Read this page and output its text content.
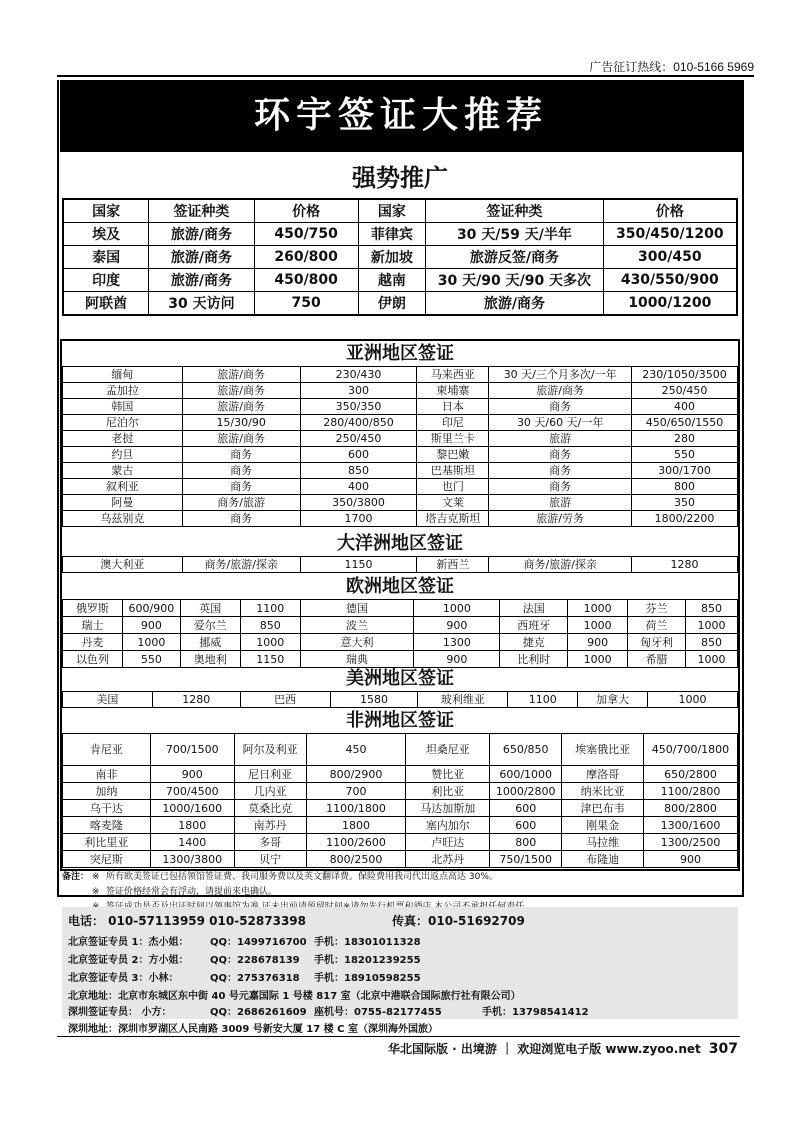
广告征订热线：010-5166 5969
环宇签证大推荐
强势推广
国家	签证种类	价格	国家	签证种类	价格
埃及	旅游/商务	450/750	菲律宾	30 天/59 天/半年	350/450/1200
泰国	旅游/商务	260/800	新加坡	旅游反签/商务	300/450
印度	旅游/商务	450/800	越南	30 天/90 天/90 天多次	430/550/900
阿联酋	30 天访问	750	伊朗	旅游/商务	1000/1200
亚洲地区签证
缅甸	旅游/商务	230/430	马来西亚	30 天/三个月多次/一年	230/1050/3500
孟加拉	旅游/商务	300	柬埔寨	旅游/商务	250/450
韩国	旅游/商务	350/350	日本	商务	400
尼泊尔	15/30/90	280/400/850	印尼	30 天/60 天/一年	450/650/1550
老挝	旅游/商务	250/450	斯里兰卡	旅游	280
约旦	商务	600	黎巴嫩	商务	550
蒙古	商务	850	巴基斯坦	商务	300/1700
叙利亚	商务	400	也门	商务	800
阿曼	商务/旅游	350/3800	文莱	旅游	350
乌兹别克	商务	1700	塔吉克斯坦	旅游/劳务	1800/2200
大洋洲地区签证
澳大利亚	商务/旅游/探亲	1150	新西兰	商务/旅游/探亲	1280
欧洲地区签证
俄罗斯	600/900	英国	1100	德国	1000	法国	1000	芬兰	850
瑞士	900	爱尔兰	850	波兰	900	西班牙	1000	荷兰	1000
丹麦	1000	挪威	1000	意大利	1300	捷克	900	匈牙利	850
以色列	550	奥地利	1150	瑞典	900	比利时	1000	希腊	1000
美洲地区签证
美国	1280	巴西	1580	玻利维亚	1100	加拿大	1000
非洲地区签证
肯尼亚	700/1500	阿尔及利亚	450	坦桑尼亚	650/850	埃塞俄比亚	450/700/1800
南非	900	尼日利亚	800/2900	赞比亚	600/1000	摩洛哥	650/2800
加纳	700/4500	几内亚	700	利比亚	1000/2800	纳米比亚	1100/2800
乌干达	1000/1600	莫桑比克	1100/1800	马达加斯加	600	津巴布韦	800/2800
喀麦隆	1800	南苏丹	1800	塞内加尔	600	刚果金	1300/1600
利比里亚	1400	多哥	1100/2600	卢旺达	800	马拉维	1300/2500
突尼斯	1300/3800	贝宁	800/2500	北苏丹	750/1500	布隆迪	900
备注： ※ 所有欧美签证已包括领馆签证费、我司服务费以及英文翻译费。保险费用我司代出返点高达 30%。
※ 签证价格经常会有浮动，请提前来电确认。
电话： 010-57113959 010-52873398	传真：010-51692709
北京签证专员 1：杰小姐： QQ：1499716700 手机：18301011328
北京签证专员 2：方小姐： QQ：228678139 手机：18201239255
北京签证专员 3：小林：	QQ：275376318 手机：18910598255
北京地址：北京市东城区东中街 40 号元嘉国际 1 号楼 817 室（北京中港联合国际旅行社有限公司）
深圳签证专员： 小方：	QQ：2686261609 座机号：0755-82177455	手机：13798541412
深圳地址：深圳市罗湖区人民南路 3009 号新安大厦 17 楼 C 室（深圳海外国旅）
华北国际版 · 出境游 ｜ 欢迎浏览电子版 www.zyoo.net 307
